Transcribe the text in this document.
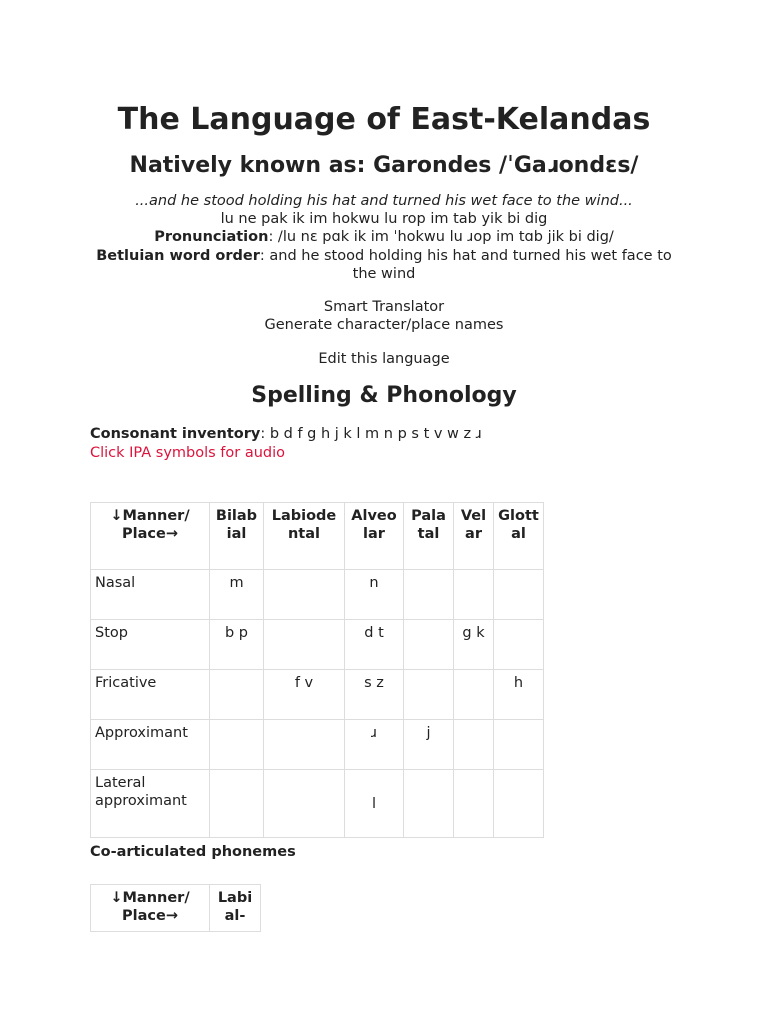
The Language of East-Kelandas
Natively known as: Garondes /ˈGaɹondɛs/
...and he stood holding his hat and turned his wet face to the wind...
lu ne pak ik im hokwu lu rop im tab yik bi dig
Pronunciation: /lu nɛ pɑk ik im ˈhokwu lu ɹop im tɑb jik bi dig/
Betluian word order: and he stood holding his hat and turned his wet face to the wind
Smart Translator
Generate character/place names
Edit this language
Spelling & Phonology
Consonant inventory: b d f g h j k l m n p s t v w z ɹ
Click IPA symbols for audio
↓Manner/ Place→	Bilab ial	Labiode ntal	Alveo lar	Pala tal	Vel ar	Glott al
Nasal	m		n			
Stop	b p		d t		g k	
Fricative		f v	s z			h
Approximant			ɹ	j		
Lateral approximant			l			
Co-articulated phonemes
↓Manner/ Place→	Labi al-
